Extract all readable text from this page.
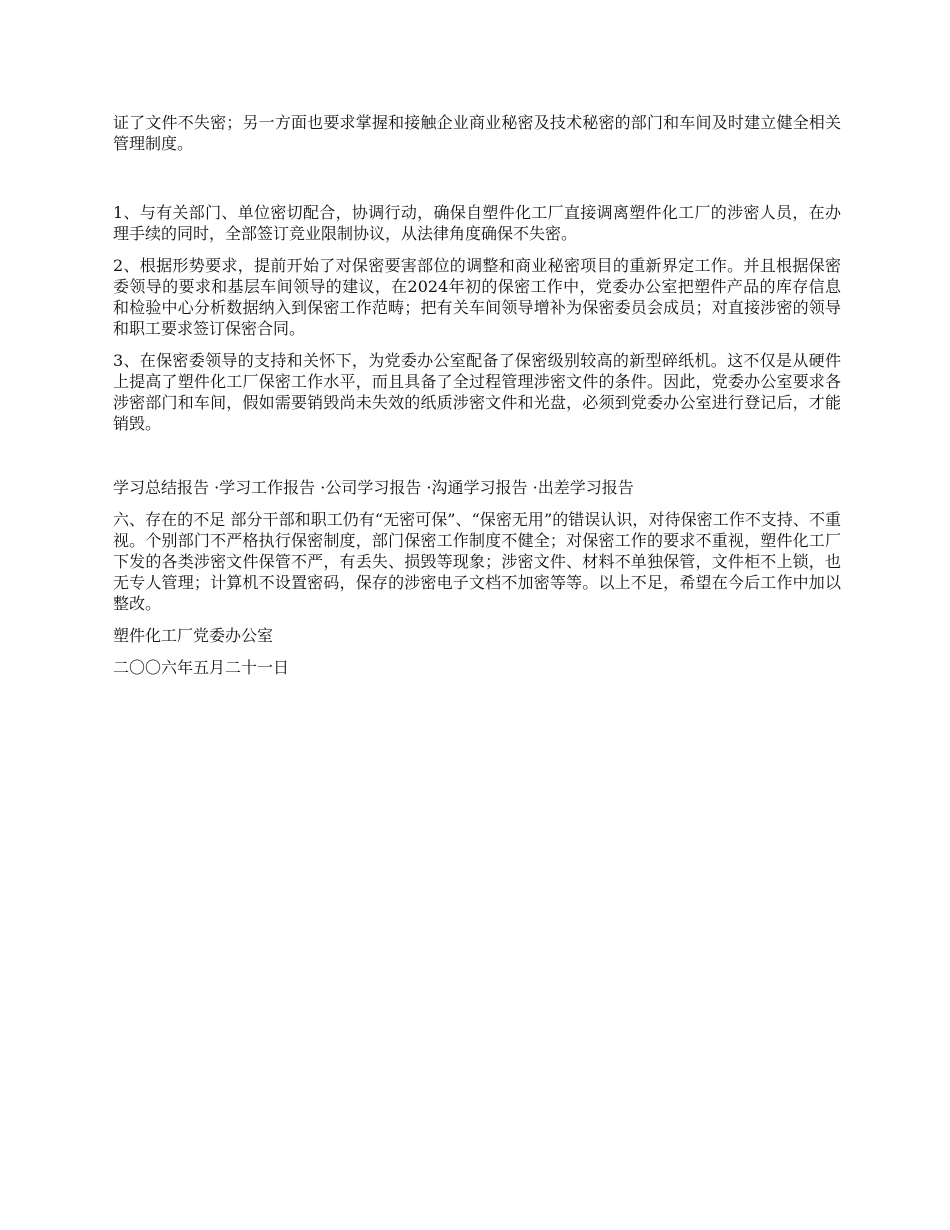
证了文件不失密；另一方面也要求掌握和接触企业商业秘密及技术秘密的部门和车间及时建立健全相关管理制度。

1、与有关部门、单位密切配合，协调行动，确保自塑件化工厂直接调离塑件化工厂的涉密人员，在办理手续的同时，全部签订竞业限制协议，从法律角度确保不失密。

2、根据形势要求，提前开始了对保密要害部位的调整和商业秘密项目的重新界定工作。并且根据保密委领导的要求和基层车间领导的建议，在2024年初的保密工作中，党委办公室把塑件产品的库存信息和检验中心分析数据纳入到保密工作范畴；把有关车间领导增补为保密委员会成员；对直接涉密的领导和职工要求签订保密合同。

3、在保密委领导的支持和关怀下，为党委办公室配备了保密级别较高的新型碎纸机。这不仅是从硬件上提高了塑件化工厂保密工作水平，而且具备了全过程管理涉密文件的条件。因此，党委办公室要求各涉密部门和车间，假如需要销毁尚未失效的纸质涉密文件和光盘，必须到党委办公室进行登记后，才能销毁。

学习总结报告 ·学习工作报告 ·公司学习报告 ·沟通学习报告 ·出差学习报告

六、存在的不足 部分干部和职工仍有“无密可保”、“保密无用”的错误认识，对待保密工作不支持、不重视。个别部门不严格执行保密制度，部门保密工作制度不健全；对保密工作的要求不重视，塑件化工厂下发的各类涉密文件保管不严，有丢失、损毁等现象；涉密文件、材料不单独保管，文件柜不上锁，也无专人管理；计算机不设置密码，保存的涉密电子文档不加密等等。以上不足，希望在今后工作中加以整改。

塑件化工厂党委办公室

二〇〇六年五月二十一日
